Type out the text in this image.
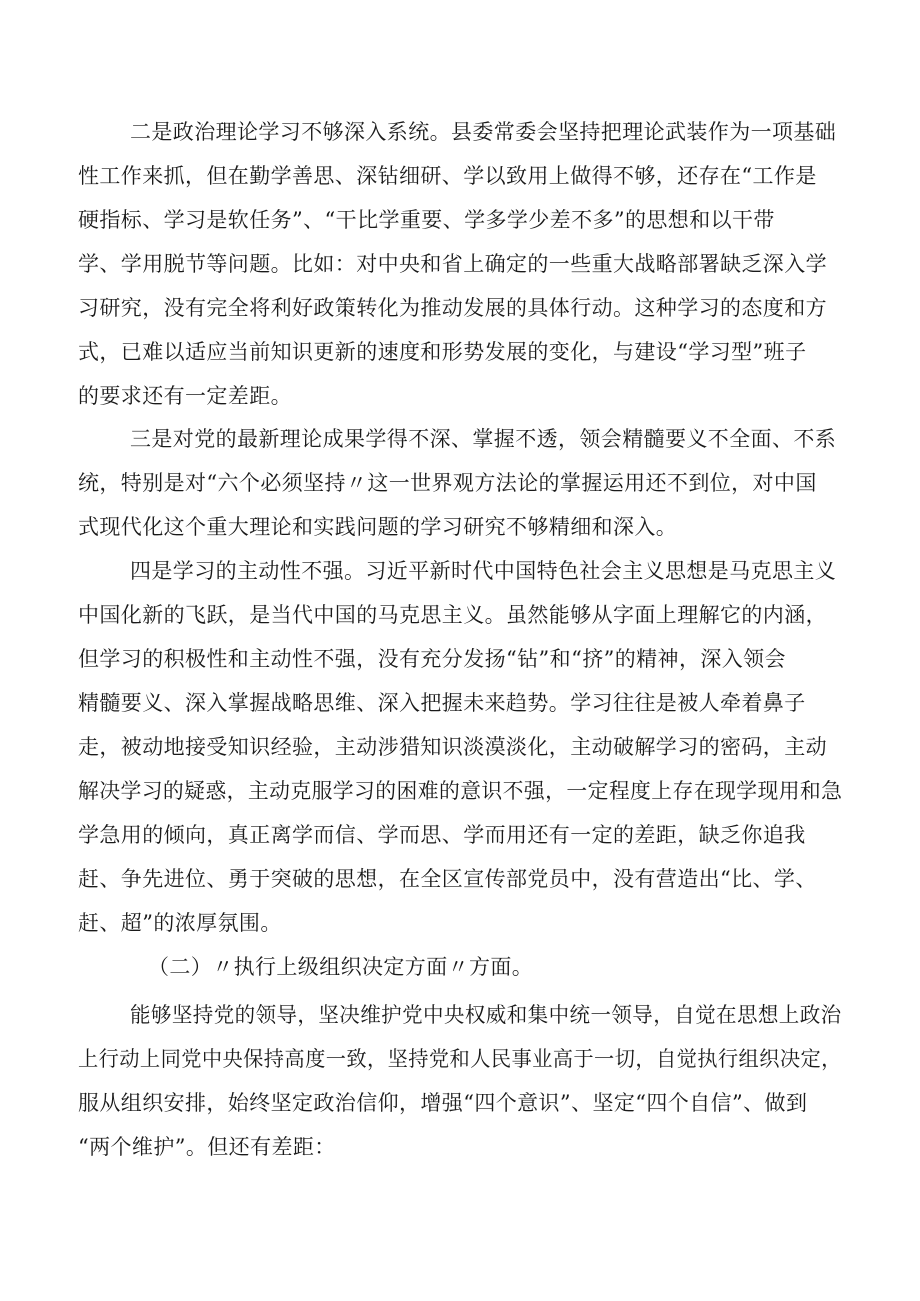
二是政治理论学习不够深入系统。县委常委会坚持把理论武装作为一项基础
性工作来抓，但在勤学善思、深钻细研、学以致用上做得不够，还存在“工作是
硬指标、学习是软任务”、“干比学重要、学多学少差不多”的思想和以干带
学、学用脱节等问题。比如：对中央和省上确定的一些重大战略部署缺乏深入学
习研究，没有完全将利好政策转化为推动发展的具体行动。这种学习的态度和方
式，已难以适应当前知识更新的速度和形势发展的变化，与建设“学习型”班子
的要求还有一定差距。
三是对党的最新理论成果学得不深、掌握不透，领会精髓要义不全面、不系
统，特别是对“六个必须坚持〃这一世界观方法论的掌握运用还不到位，对中国
式现代化这个重大理论和实践问题的学习研究不够精细和深入。
四是学习的主动性不强。习近平新时代中国特色社会主义思想是马克思主义
中国化新的飞跃，是当代中国的马克思主义。虽然能够从字面上理解它的内涵，
但学习的积极性和主动性不强，没有充分发扬“钻”和“挤”的精神，深入领会
精髓要义、深入掌握战略思维、深入把握未来趋势。学习往往是被人牵着鼻子
走，被动地接受知识经验，主动涉猎知识淡漠淡化，主动破解学习的密码，主动
解决学习的疑惑，主动克服学习的困难的意识不强，一定程度上存在现学现用和急
学急用的倾向，真正离学而信、学而思、学而用还有一定的差距，缺乏你追我
赶、争先进位、勇于突破的思想，在全区宣传部党员中，没有营造出“比、学、
赶、超”的浓厚氛围。
（二）〃执行上级组织决定方面〃方面。
能够坚持党的领导，坚决维护党中央权威和集中统一领导，自觉在思想上政治
上行动上同党中央保持高度一致，坚持党和人民事业高于一切，自觉执行组织决定，
服从组织安排，始终坚定政治信仰，增强“四个意识”、坚定“四个自信”、做到
“两个维护”。但还有差距：
